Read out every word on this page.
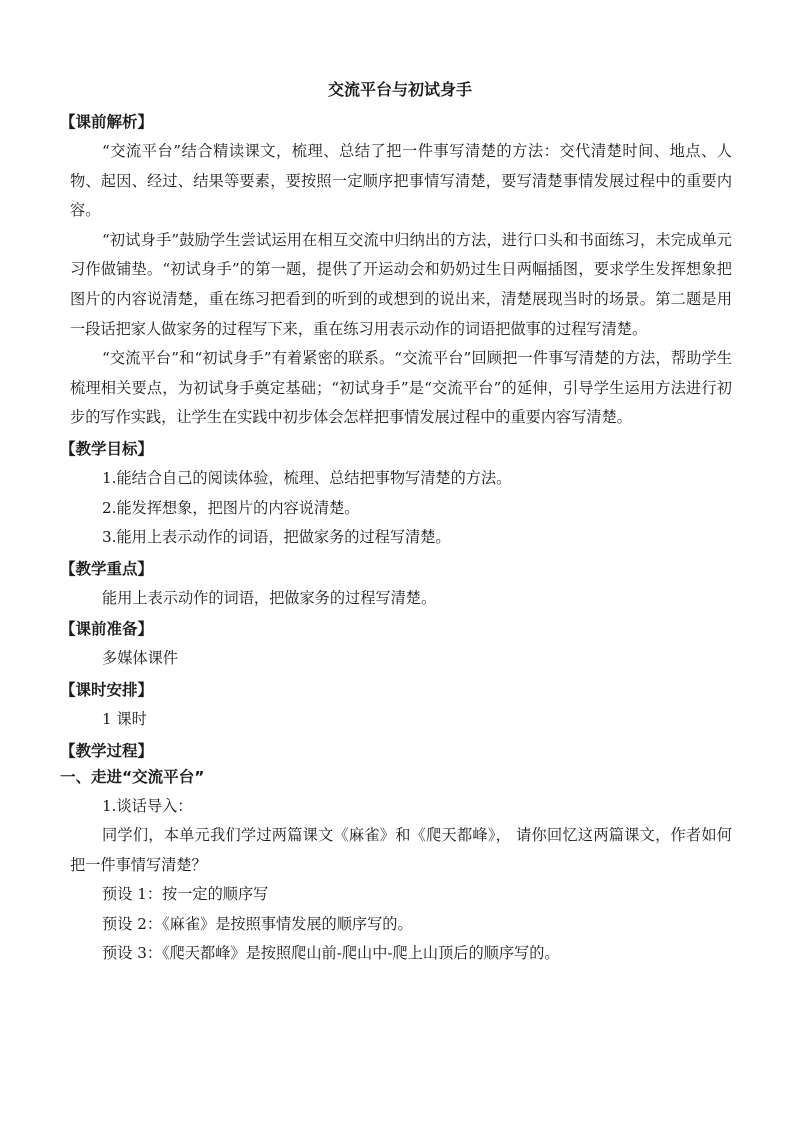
交流平台与初试身手
【课前解析】

“交流平台”结合精读课文，梳理、总结了把一件事写清楚的方法：交代清楚时间、地点、人物、起因、经过、结果等要素，要按照一定顺序把事情写清楚，要写清楚事情发展过程中的重要内容。

“初试身手”鼓励学生尝试运用在相互交流中归纳出的方法，进行口头和书面练习，未完成单元习作做铺垫。“初试身手”的第一题，提供了开运动会和奶奶过生日两幅插图，要求学生发挥想象把图片的内容说清楚，重在练习把看到的听到的或想到的说出来，清楚展现当时的场景。第二题是用一段话把家人做家务的过程写下来，重在练习用表示动作的词语把做事的过程写清楚。

“交流平台”和“初试身手”有着紧密的联系。“交流平台”回顾把一件事写清楚的方法，帮助学生梳理相关要点，为初试身手奠定基础；“初试身手”是“交流平台”的延伸，引导学生运用方法进行初步的写作实践，让学生在实践中初步体会怎样把事情发展过程中的重要内容写清楚。

【教学目标】

1.能结合自己的阅读体验，梳理、总结把事物写清楚的方法。

2.能发挥想象，把图片的内容说清楚。

3.能用上表示动作的词语，把做家务的过程写清楚。

【教学重点】

能用上表示动作的词语，把做家务的过程写清楚。

【课前准备】

多媒体课件

【课时安排】

1 课时

【教学过程】
一、走进“交流平台”

1.谈话导入：

同学们，本单元我们学过两篇课文《麻雀》和《爬天都峰》， 请你回忆这两篇课文，作者如何把一件事情写清楚？

预设 1：按一定的顺序写

预设 2：《麻雀》是按照事情发展的顺序写的。

预设 3：《爬天都峰》是按照爬山前-爬山中-爬上山顶后的顺序写的。
